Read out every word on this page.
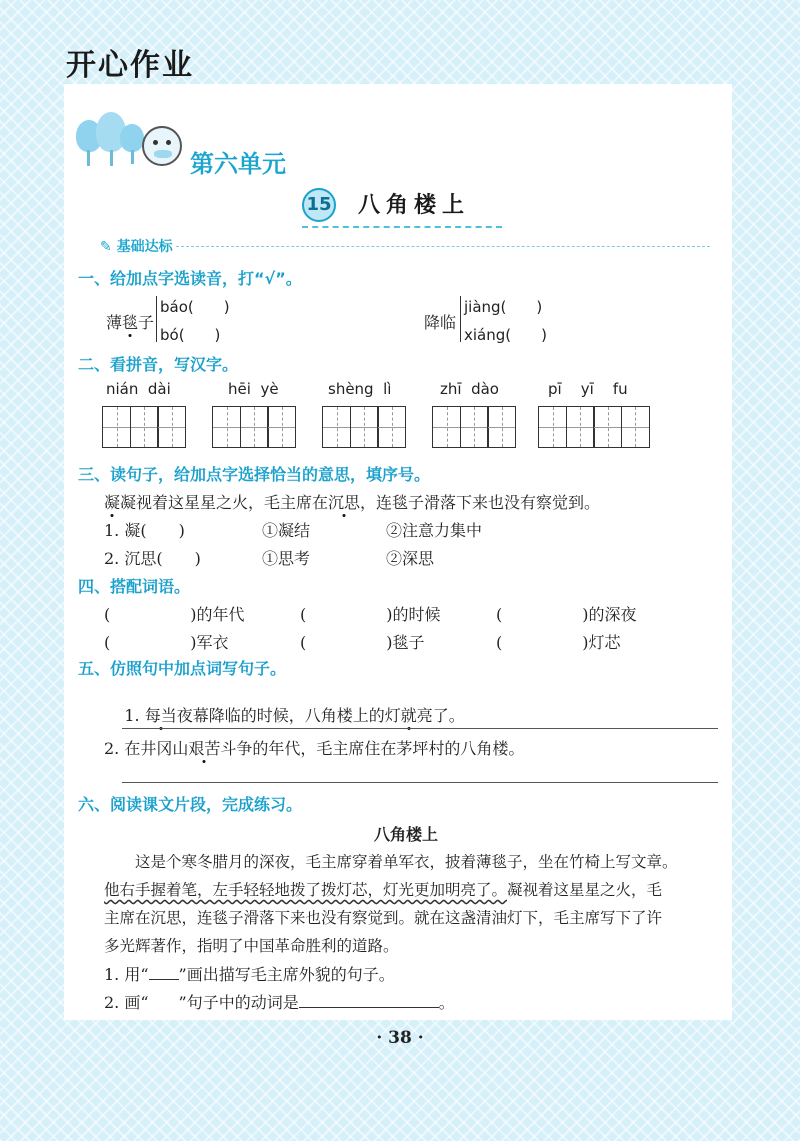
开心作业
第六单元
15 八角楼上
✎ 基础达标
一、给加点字选读音，打“√”。
薄毯子
báo(　　)
bó(　　)
降临
jiàng(　　)
xiáng(　　)
二、看拼音，写汉字。
nián  dài	hēi  yè	shèng  lì	zhī  dào	pī    yī    fu
三、读句子，给加点字选择恰当的意思，填序号。
凝凝视着这星星之火，毛主席在沉思，连毯子滑落下来也没有察觉到。
1. 凝(　　)	①凝结	②注意力集中
2. 沉思(　　)	①思考	②深思
四、搭配词语。
(　　　　　)的年代	(　　　　　)的时候	(　　　　　)的深夜
(　　　　　)军衣	(　　　　　)毯子	(　　　　　)灯芯
五、仿照句中加点词写句子。

1. 每当夜幕降临的时候，八角楼上的灯就亮了。

2. 在井冈山艰苦斗争的年代，毛主席住在茅坪村的八角楼。
六、阅读课文片段，完成练习。
八角楼上
　　这是个寒冬腊月的深夜，毛主席穿着单军衣，披着薄毯子，坐在竹椅上写文章。
他右手握着笔，左手轻轻地拨了拨灯芯，灯光更加明亮了。凝视着这星星之火，毛
主席在沉思，连毯子滑落下来也没有察觉到。就在这盏清油灯下，毛主席写下了许
多光辉著作，指明了中国革命胜利的道路。
1. 用“ ”画出描写毛主席外貌的句子。
2. 画“ ”句子中的动词是	。
· 38 ·
